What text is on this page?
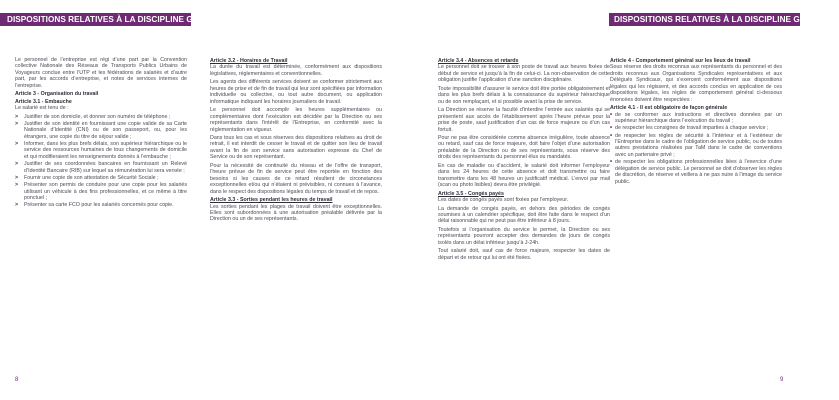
DISPOSITIONS RELATIVES À LA DISCIPLINE GÉNÉRALE

Le personnel de l’entreprise est régi d’une part par la Convention collective Nationale des Réseaux de Transports Publics Urbains de Voyageurs conclue entre l’UTP et les fédérations de salariés et d’autre part, par les accords d’entreprise, et notes de services internes de l’entreprise.

Article 3 - Organisation du travail
Article 3.1 - Embauche

Le salarié est tenu de :

>	Justifier de son domicile, et donner son numéro de téléphone ;
>	Justifier de son identité en fournissant une copie valide de sa Carte Nationale d’Identité (CNI) ou de son passeport, ou, pour les étrangers, une copie du titre de séjour valide ;
>	Informer, dans les plus brefs délais, son supérieur hiérarchique ou le service des ressources humaines de tous changements de domicile et qui modifieraient les renseignements donnés à l’embauche ;
>	Justifier de ses coordonnées bancaires en fournissant un Relevé d’Identité Bancaire (RIB) sur lequel sa rémunération lui sera versée ;
>	Fournir une copie de son attestation de Sécurité Sociale ;
>	Présenter son permis de conduire pour une copie pour les salariés utilisant un véhicule à des fins professionnelles, et ce même à titre ponctuel ;
>	Présenter sa carte FCO pour les salariés concernés pour copie.
Article 3.2 - Horaires de Travail

La durée du travail est déterminée, conformément aux dispositions législatives, réglementaires et conventionnelles.

Les agents des différents services doivent se conformer strictement aux heures de prise et de fin de travail qui leur sont spécifiées par information individuelle ou collective, ou tout autre document, ou application informatique indiquant les horaires journaliers de travail.

Le personnel doit accomplir les heures supplémentaires ou complémentaires dont l’exécution est décidée par la Direction ou ses représentants dans l’intérêt de l’Entreprise, en conformité avec la réglementation en vigueur.

Dans tous les cas et sous réserves des dispositions relatives au droit de retrait, il est interdit de cesser le travail et de quitter son lieu de travail avant la fin de son service sans autorisation expresse du Chef de Service ou de son représentant.

Pour la nécessité de continuité du réseau et de l’offre de transport, l’heure prévue de fin de service peut être reportée en fonction des besoins si les causes de ce retard résultent de circonstances exceptionnelles et/ou qui n’étaient ni prévisibles, ni connues à l’avance, dans le respect des dispositions légales du temps de travail et de repos.

Article 3.3 - Sorties pendant les heures de travail

Les sorties pendant les plages de travail doivent être exceptionnelles. Elles sont subordonnées à une autorisation préalable délivrée par la Direction ou un de ses représentants.

8
DISPOSITIONS RELATIVES À LA DISCIPLINE GÉNÉRALE
Article 3.4 - Absences et retards

Le personnel doit se trouver à son poste de travail aux heures fixées de début de service et jusqu’à la fin de celui-ci. La non-observation de cette obligation justifie l’application d’une sanction disciplinaire.

Toute impossibilité d’assurer le service doit être portée obligatoirement et dans les plus brefs délais à la connaissance du supérieur hiérarchique ou de son remplaçant, et si possible avant la prise de service.

La Direction se réserve la faculté d’interdire l’entrée aux salariés qui se présentent aux accès de l’établissement après l’heure prévue pour la prise de poste, sauf justification d’un cas de force majeure ou d’un cas fortuit.

Pour ne pas être considérée comme absence irrégulière, toute absence ou retard, sauf cas de force majeure, doit faire l’objet d’une autorisation préalable de la Direction ou de ses représentants, sous réserve des droits des représentants du personnel élus ou mandatés.

En cas de maladie ou d’accident, le salarié doit informer l’employeur dans les 24 heures de cette absence et doit transmettre ou faire transmettre dans les 48 heures un justificatif médical. L’envoi par mail (scan ou photo lisibles) devra être privilégié.

Article 3.5 - Congés payés

Les dates de congés payés sont fixées par l’employeur.

La demande de congés payés, en dehors des périodes de congés soumises à un calendrier spécifique, doit être faite dans le respect d’un délai raisonnable qui ne peut pas être inférieur à 8 jours.

Toutefois si l’organisation du service le permet, la Direction ou ses représentants pourront accepter des demandes de jours de congés isolés dans un délai inférieur jusqu’à J-24h.

Tout salarié doit, sauf cas de force majeure, respecter les dates de départ et de retour qui lui ont été fixées.

Article 4 - Comportement général sur les lieux de travail

Sous réserve des droits reconnus aux représentants du personnel et des droits reconnus aux Organisations Syndicales représentatives et aux Délégués Syndicaux, qui s’exercent conformément aux dispositions légales qui les régissent, et des accords conclus en application de ces dispositions légales, les règles de comportement général ci-dessous énoncées doivent être respectées :

Article 4.1 - Il est obligatoire de façon générale
• de se conformer aux instructions et directives données par un supérieur hiérarchique dans l’exécution du travail ;
• de respecter les consignes de travail imparties à chaque service ;
• de respecter les règles de sécurité à l’intérieur et à l’extérieur de l’Entreprise dans le cadre de l’obligation de service public, ou de toutes autres prestations réalisées par TaM dans le cadre de conventions avec un partenaire privé ;
• de respecter les obligations professionnelles liées à l’exercice d’une délégation de service public. Le personnel se doit d’observer les règles de discrétion, de réserve et veillera à ne pas nuire à l’image du service public.
9
